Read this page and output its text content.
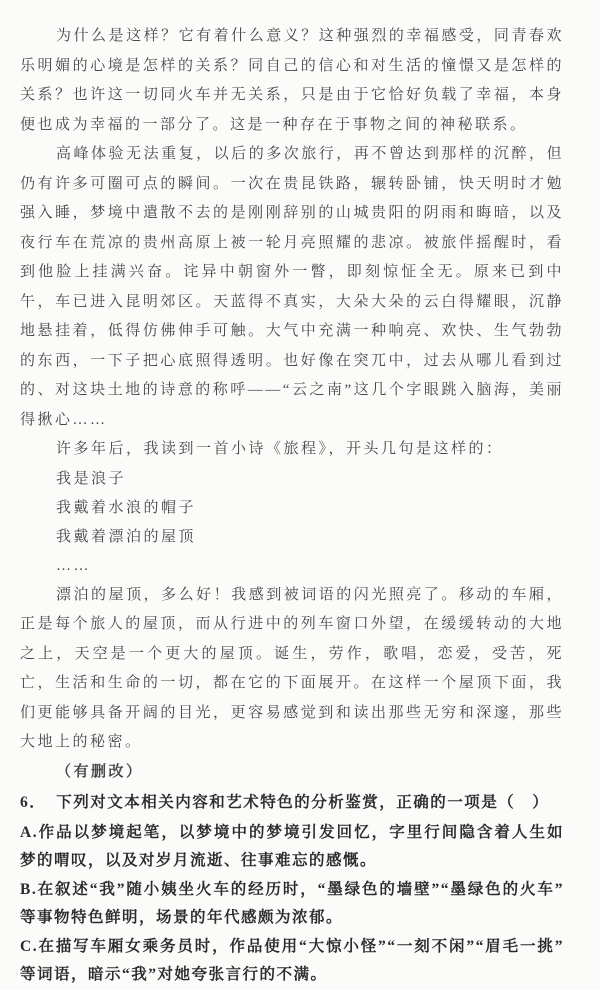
为什么是这样？它有着什么意义？这种强烈的幸福感受，同青春欢乐明媚的心境是怎样的关系？同自己的信心和对生活的憧憬又是怎样的关系？也许这一切同火车并无关系，只是由于它恰好负载了幸福，本身便也成为幸福的一部分了。这是一种存在于事物之间的神秘联系。

高峰体验无法重复，以后的多次旅行，再不曾达到那样的沉醉，但仍有许多可圈可点的瞬间。一次在贵昆铁路，辗转卧铺，快天明时才勉强入睡，梦境中遣散不去的是刚刚辞别的山城贵阳的阴雨和晦暗，以及夜行车在荒凉的贵州高原上被一轮月亮照耀的悲凉。被旅伴摇醒时，看到他脸上挂满兴奋。诧异中朝窗外一瞥，即刻惊怔全无。原来已到中午，车已进入昆明郊区。天蓝得不真实，大朵大朵的云白得耀眼，沉静地悬挂着，低得仿佛伸手可触。大气中充满一种响亮、欢快、生气勃勃的东西，一下子把心底照得透明。也好像在突兀中，过去从哪儿看到过的、对这块土地的诗意的称呼——“云之南”这几个字眼跳入脑海，美丽得揪心……

许多年后，我读到一首小诗《旅程》，开头几句是这样的：

我是浪子

我戴着水浪的帽子

我戴着漂泊的屋顶

……

漂泊的屋顶，多么好！我感到被词语的闪光照亮了。移动的车厢，正是每个旅人的屋顶，而从行进中的列车窗口外望，在缓缓转动的大地之上，天空是一个更大的屋顶。诞生，劳作，歌唱，恋爱，受苦，死亡，生活和生命的一切，都在它的下面展开。在这样一个屋顶下面，我们更能够具备开阔的目光，更容易感觉到和读出那些无穷和深邃，那些大地上的秘密。

（有删改）

6． 下列对文本相关内容和艺术特色的分析鉴赏，正确的一项是（　）

A.作品以梦境起笔，以梦境中的梦境引发回忆，字里行间隐含着人生如梦的喟叹，以及对岁月流逝、往事难忘的感慨。

B.在叙述“我”随小姨坐火车的经历时，“墨绿色的墙壁”“墨绿色的火车”等事物特色鲜明，场景的年代感颇为浓郁。

C.在描写车厢女乘务员时，作品使用“大惊小怪”“一刻不闲”“眉毛一挑”等词语，暗示“我”对她夸张言行的不满。
